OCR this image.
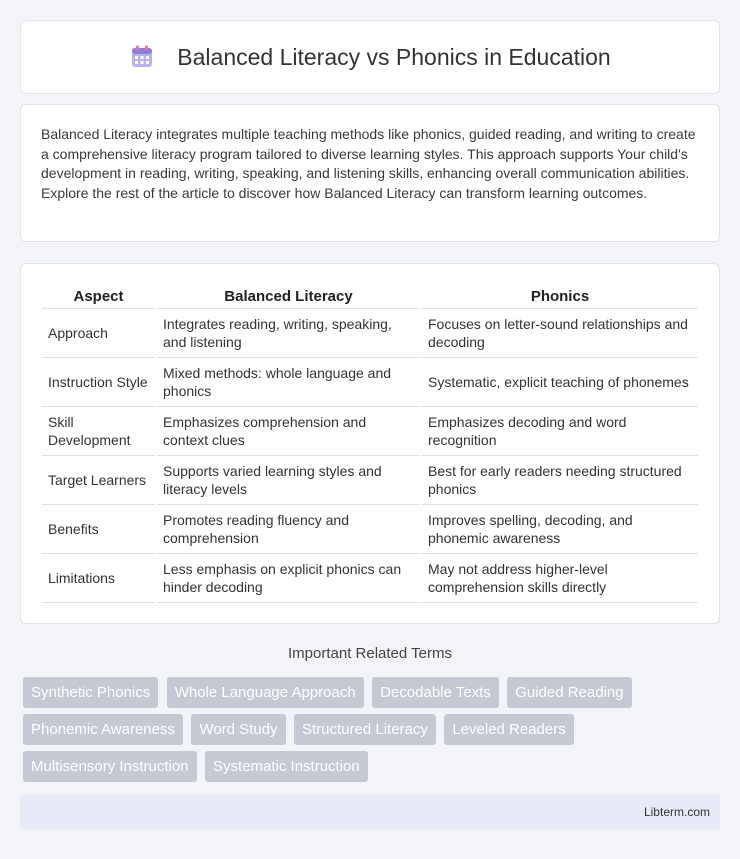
Balanced Literacy vs Phonics in Education

Balanced Literacy integrates multiple teaching methods like phonics, guided reading, and writing to create a comprehensive literacy program tailored to diverse learning styles. This approach supports Your child's development in reading, writing, speaking, and listening skills, enhancing overall communication abilities. Explore the rest of the article to discover how Balanced Literacy can transform learning outcomes.

Aspect	Balanced Literacy	Phonics
Approach	Integrates reading, writing, speaking, and listening	Focuses on letter-sound relationships and decoding
Instruction Style	Mixed methods: whole language and phonics	Systematic, explicit teaching of phonemes
Skill Development	Emphasizes comprehension and context clues	Emphasizes decoding and word recognition
Target Learners	Supports varied learning styles and literacy levels	Best for early readers needing structured phonics
Benefits	Promotes reading fluency and comprehension	Improves spelling, decoding, and phonemic awareness
Limitations	Less emphasis on explicit phonics can hinder decoding	May not address higher-level comprehension skills directly
Important Related Terms
Synthetic Phonics Whole Language Approach Decodable Texts Guided Reading Phonemic Awareness Word Study Structured Literacy Leveled Readers Multisensory Instruction Systematic Instruction
Libterm.com
